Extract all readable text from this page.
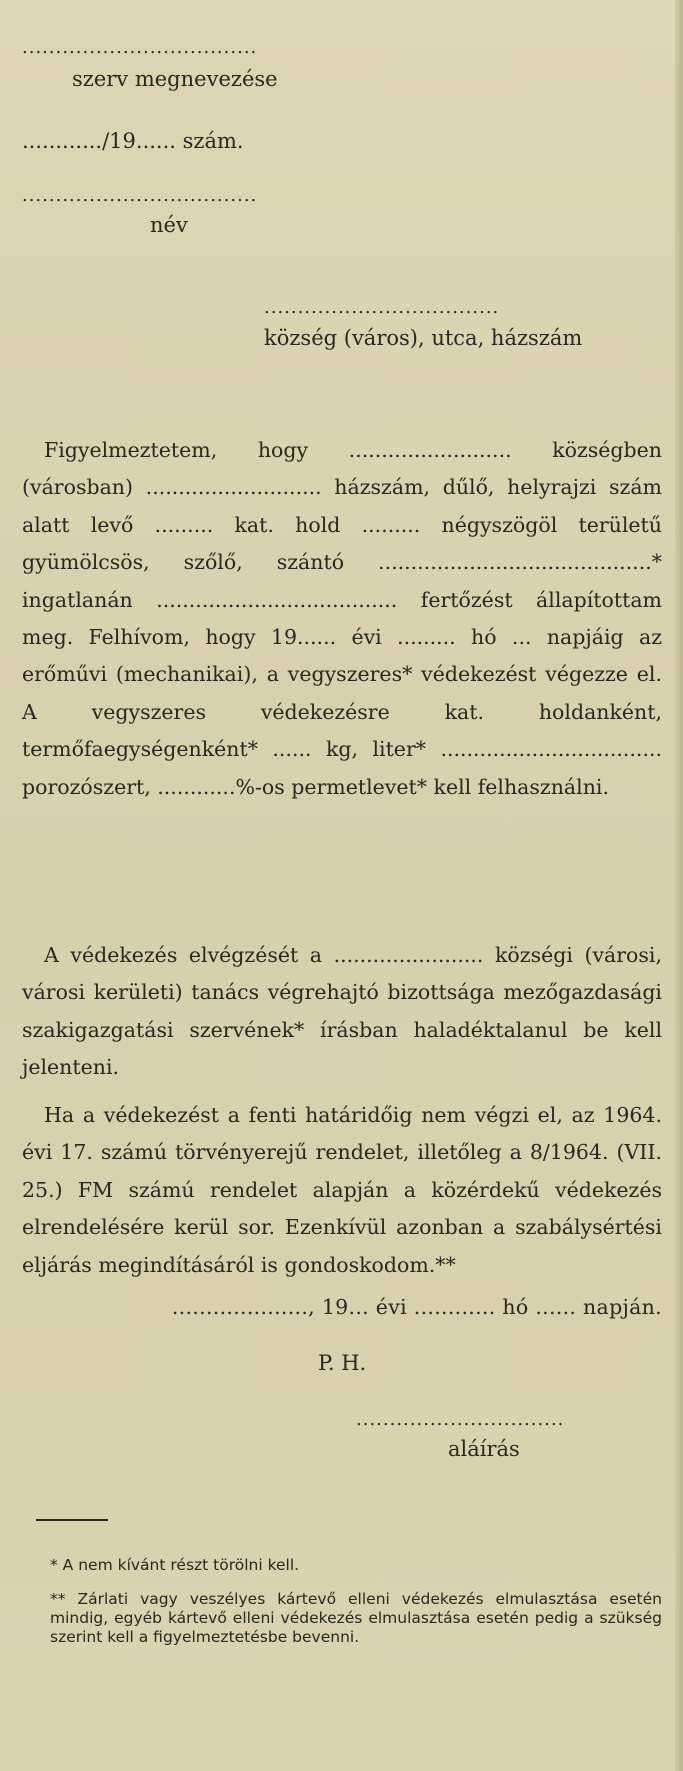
...................................
szerv megnevezése
............/19...... szám.
...................................
név
...................................
község (város), utca, házszám
Figyelmeztetem, hogy ......................... községben (városban) ........................... házszám, dűlő, helyrajzi szám alatt levő ......... kat. hold ......... négyszögöl területű gyümölcsös, szőlő, szántó ..........................................* ingatlanán ..................................... fertőzést állapítottam meg. Felhívom, hogy 19...... évi ......... hó ... napjáig az erőművi (mechanikai), a vegyszeres* védekezést végezze el. A vegyszeres védekezésre kat. holdanként, termőfaegységenként* ...... kg, liter* .................................. porozószert, ............%-os permetlevet* kell felhasználni.
A védekezés elvégzését a ....................... községi (városi, városi kerületi) tanács végrehajtó bizottsága mezőgazdasági szakigazgatási szervének* írásban haladéktalanul be kell jelenteni.
Ha a védekezést a fenti határidőig nem végzi el, az 1964. évi 17. számú törvényerejű rendelet, illetőleg a 8/1964. (VII. 25.) FM számú rendelet alapján a közérdekű védekezés elrendelésére kerül sor. Ezenkívül azonban a szabálysértési eljárás megindításáról is gondoskodom.**
...................., 19... évi ............ hó ...... napján.
P. H.
...............................
aláírás
* A nem kívánt részt törölni kell.
** Zárlati vagy veszélyes kártevő elleni védekezés elmulasztása esetén mindig, egyéb kártevő elleni védekezés elmulasztása esetén pedig a szükség szerint kell a figyelmeztetésbe bevenni.
